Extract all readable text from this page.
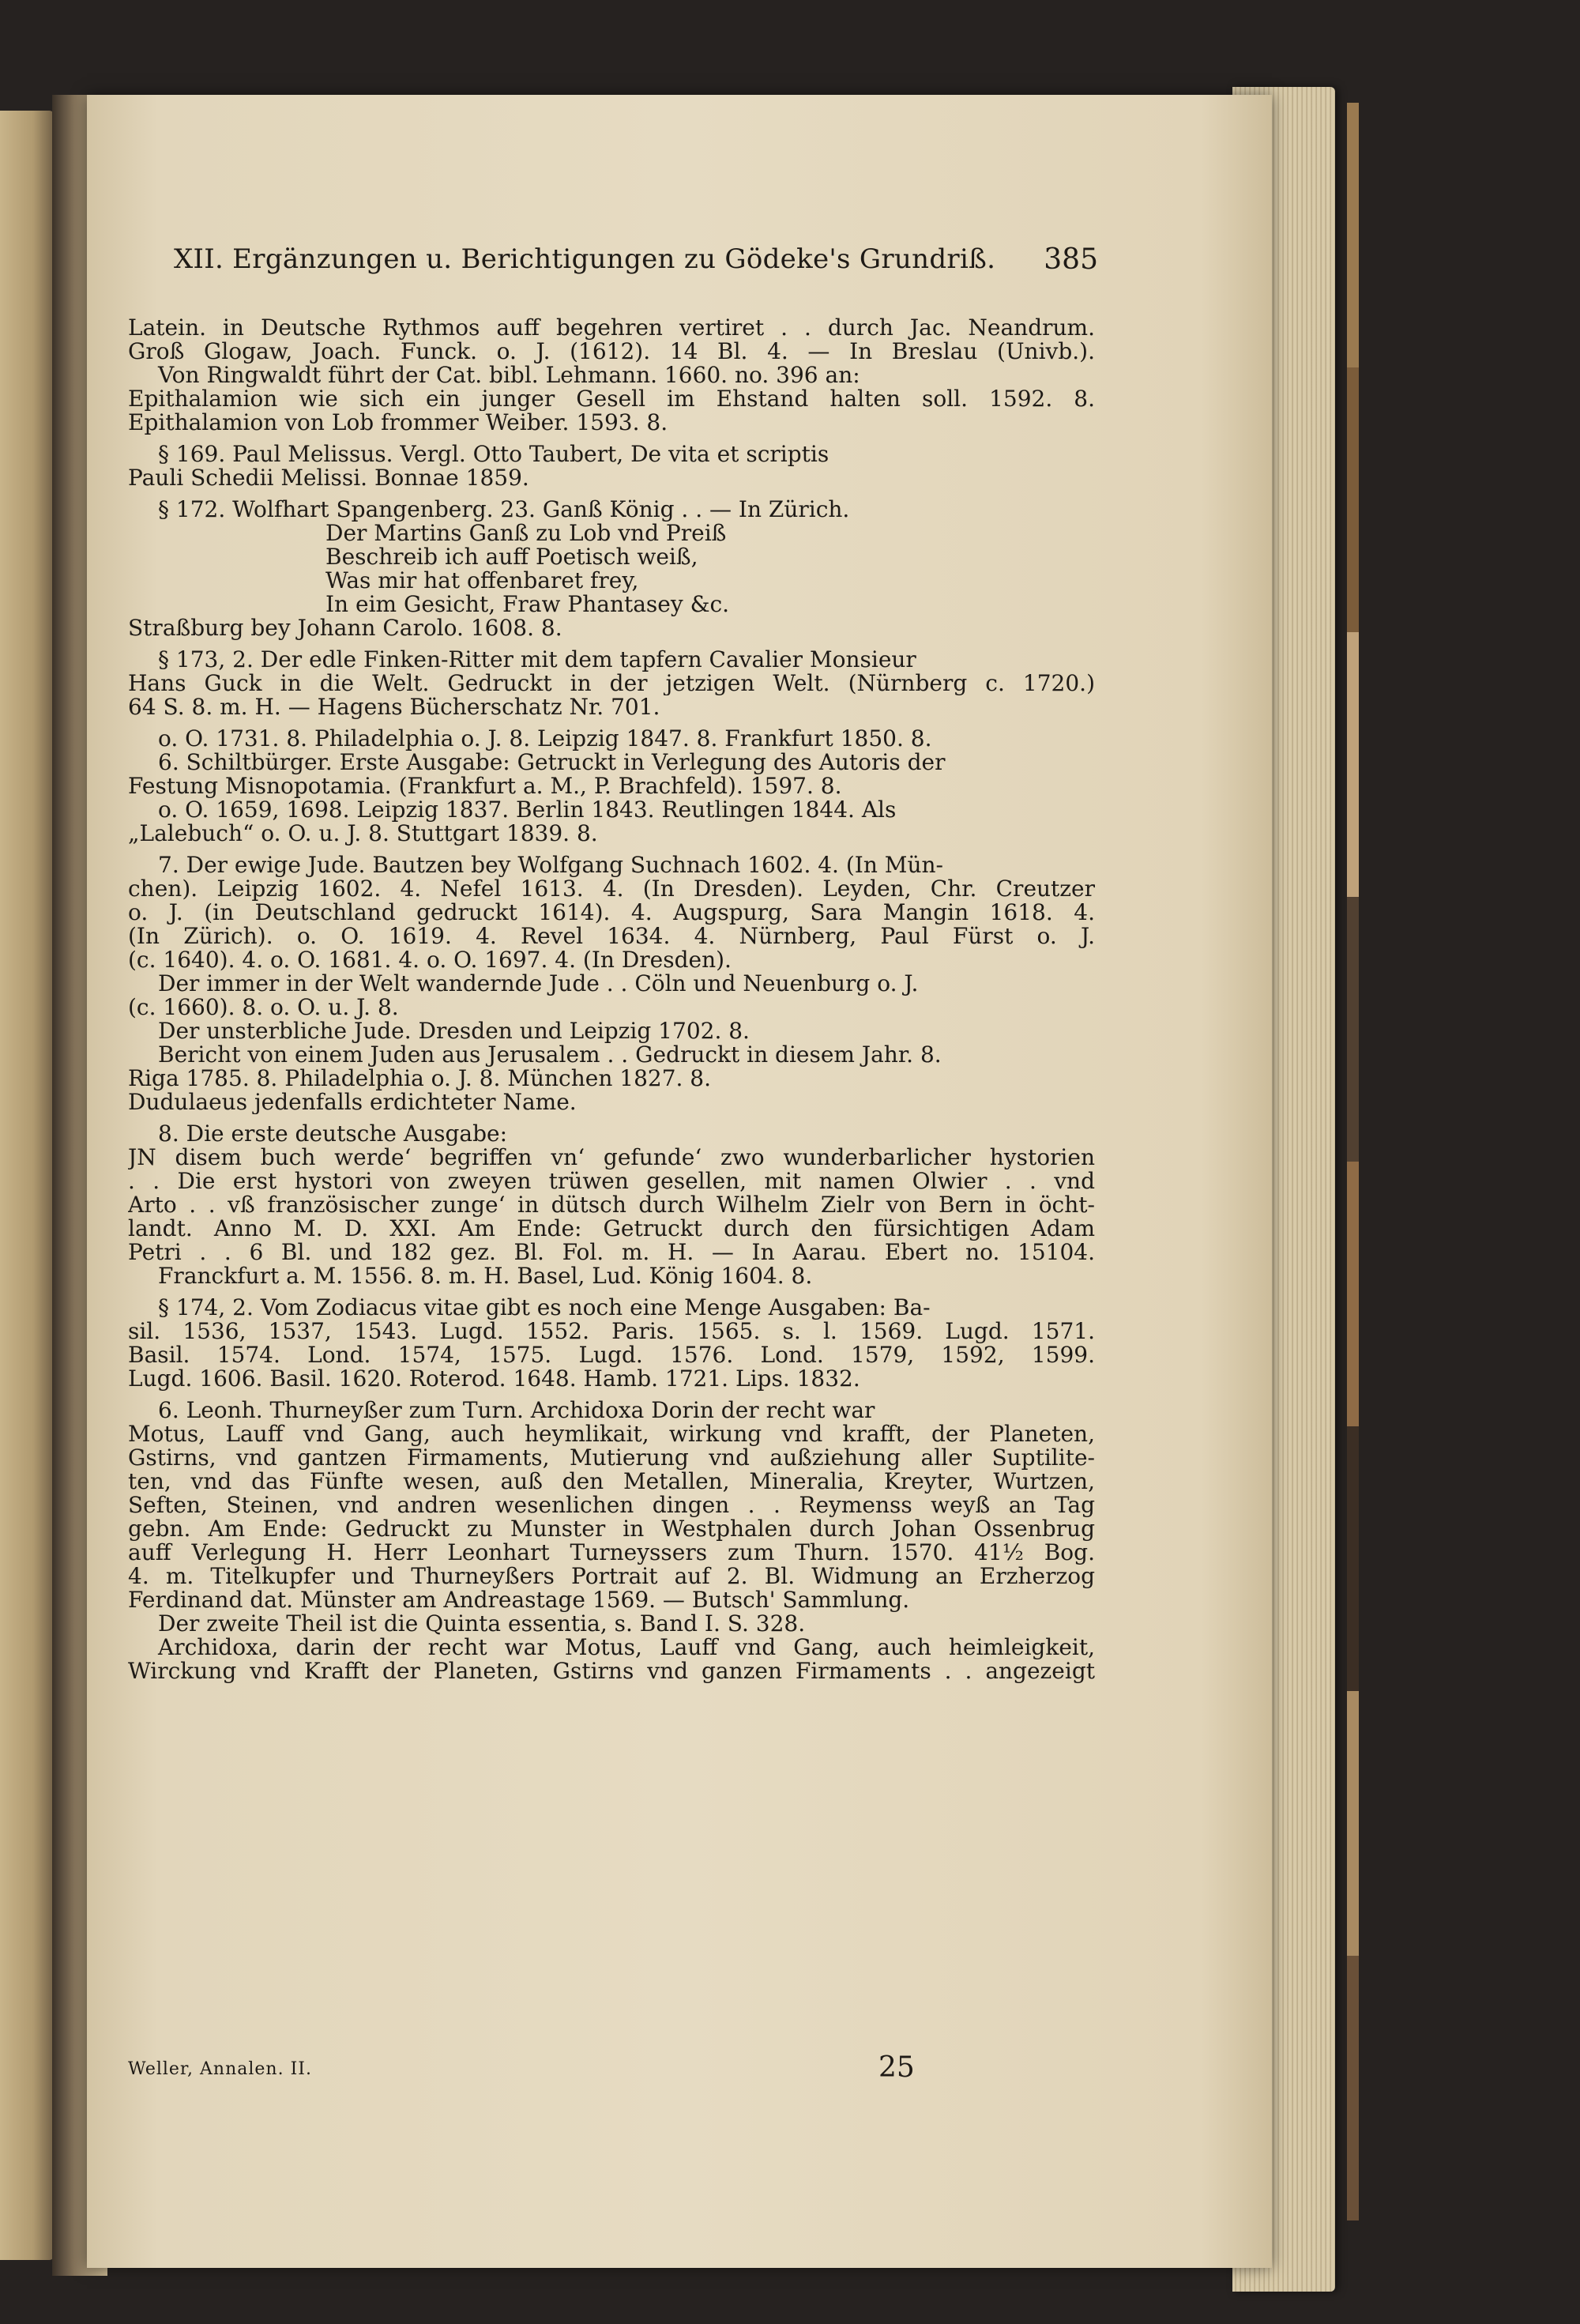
XII. Ergänzungen u. Berichtigungen zu Gödeke's Grundriß. 385
Latein. in Deutsche Rythmos auff begehren vertiret . . durch Jac. Neandrum.
Groß Glogaw, Joach. Funck. o. J. (1612). 14 Bl. 4. — In Breslau (Univb.).
Von Ringwaldt führt der Cat. bibl. Lehmann. 1660. no. 396 an:
Epithalamion wie sich ein junger Gesell im Ehstand halten soll. 1592. 8.
Epithalamion von Lob frommer Weiber. 1593. 8.
§ 169. Paul Melissus. Vergl. Otto Taubert, De vita et scriptis
Pauli Schedii Melissi. Bonnae 1859.
§ 172. Wolfhart Spangenberg. 23. Ganß König . . — In Zürich.
Der Martins Ganß zu Lob vnd Preiß
Beschreib ich auff Poetisch weiß,
Was mir hat offenbaret frey,
In eim Gesicht, Fraw Phantasey &c.
Straßburg bey Johann Carolo. 1608. 8.
§ 173, 2. Der edle Finken-Ritter mit dem tapfern Cavalier Monsieur
Hans Guck in die Welt. Gedruckt in der jetzigen Welt. (Nürnberg c. 1720.)
64 S. 8. m. H. — Hagens Bücherschatz Nr. 701.
o. O. 1731. 8. Philadelphia o. J. 8. Leipzig 1847. 8. Frankfurt 1850. 8.
6. Schiltbürger. Erste Ausgabe: Getruckt in Verlegung des Autoris der
Festung Misnopotamia. (Frankfurt a. M., P. Brachfeld). 1597. 8.
o. O. 1659, 1698. Leipzig 1837. Berlin 1843. Reutlingen 1844. Als
„Lalebuch“ o. O. u. J. 8. Stuttgart 1839. 8.
7. Der ewige Jude. Bautzen bey Wolfgang Suchnach 1602. 4. (In Mün-
chen). Leipzig 1602. 4. Nefel 1613. 4. (In Dresden). Leyden, Chr. Creutzer
o. J. (in Deutschland gedruckt 1614). 4. Augspurg, Sara Mangin 1618. 4.
(In Zürich). o. O. 1619. 4. Revel 1634. 4. Nürnberg, Paul Fürst o. J.
(c. 1640). 4. o. O. 1681. 4. o. O. 1697. 4. (In Dresden).
Der immer in der Welt wandernde Jude . . Cöln und Neuenburg o. J.
(c. 1660). 8. o. O. u. J. 8.
Der unsterbliche Jude. Dresden und Leipzig 1702. 8.
Bericht von einem Juden aus Jerusalem . . Gedruckt in diesem Jahr. 8.
Riga 1785. 8. Philadelphia o. J. 8. München 1827. 8.
Dudulaeus jedenfalls erdichteter Name.
8. Die erste deutsche Ausgabe:
JN disem buch werde‘ begriffen vn‘ gefunde‘ zwo wunderbarlicher hystorien
. . Die erst hystori von zweyen trüwen gesellen, mit namen Olwier . . vnd
Arto . . vß französischer zunge‘ in dütsch durch Wilhelm Zielr von Bern in öcht-
landt. Anno M. D. XXI. Am Ende: Getruckt durch den fürsichtigen Adam
Petri . . 6 Bl. und 182 gez. Bl. Fol. m. H. — In Aarau. Ebert no. 15104.
Franckfurt a. M. 1556. 8. m. H. Basel, Lud. König 1604. 8.
§ 174, 2. Vom Zodiacus vitae gibt es noch eine Menge Ausgaben: Ba-
sil. 1536, 1537, 1543. Lugd. 1552. Paris. 1565. s. l. 1569. Lugd. 1571.
Basil. 1574. Lond. 1574, 1575. Lugd. 1576. Lond. 1579, 1592, 1599.
Lugd. 1606. Basil. 1620. Roterod. 1648. Hamb. 1721. Lips. 1832.
6. Leonh. Thurneyßer zum Turn. Archidoxa Dorin der recht war
Motus, Lauff vnd Gang, auch heymlikait, wirkung vnd krafft, der Planeten,
Gstirns, vnd gantzen Firmaments, Mutierung vnd außziehung aller Suptilite-
ten, vnd das Fünfte wesen, auß den Metallen, Mineralia, Kreyter, Wurtzen,
Seften, Steinen, vnd andren wesenlichen dingen . . Reymenss weyß an Tag
gebn. Am Ende: Gedruckt zu Munster in Westphalen durch Johan Ossenbrug
auff Verlegung H. Herr Leonhart Turneyssers zum Thurn. 1570. 41½ Bog.
4. m. Titelkupfer und Thurneyßers Portrait auf 2. Bl. Widmung an Erzherzog
Ferdinand dat. Münster am Andreastage 1569. — Butsch' Sammlung.
Der zweite Theil ist die Quinta essentia, s. Band I. S. 328.
Archidoxa, darin der recht war Motus, Lauff vnd Gang, auch heimleigkeit,
Wirckung vnd Krafft der Planeten, Gstirns vnd ganzen Firmaments . . angezeigt
Weller, Annalen. II.	25
